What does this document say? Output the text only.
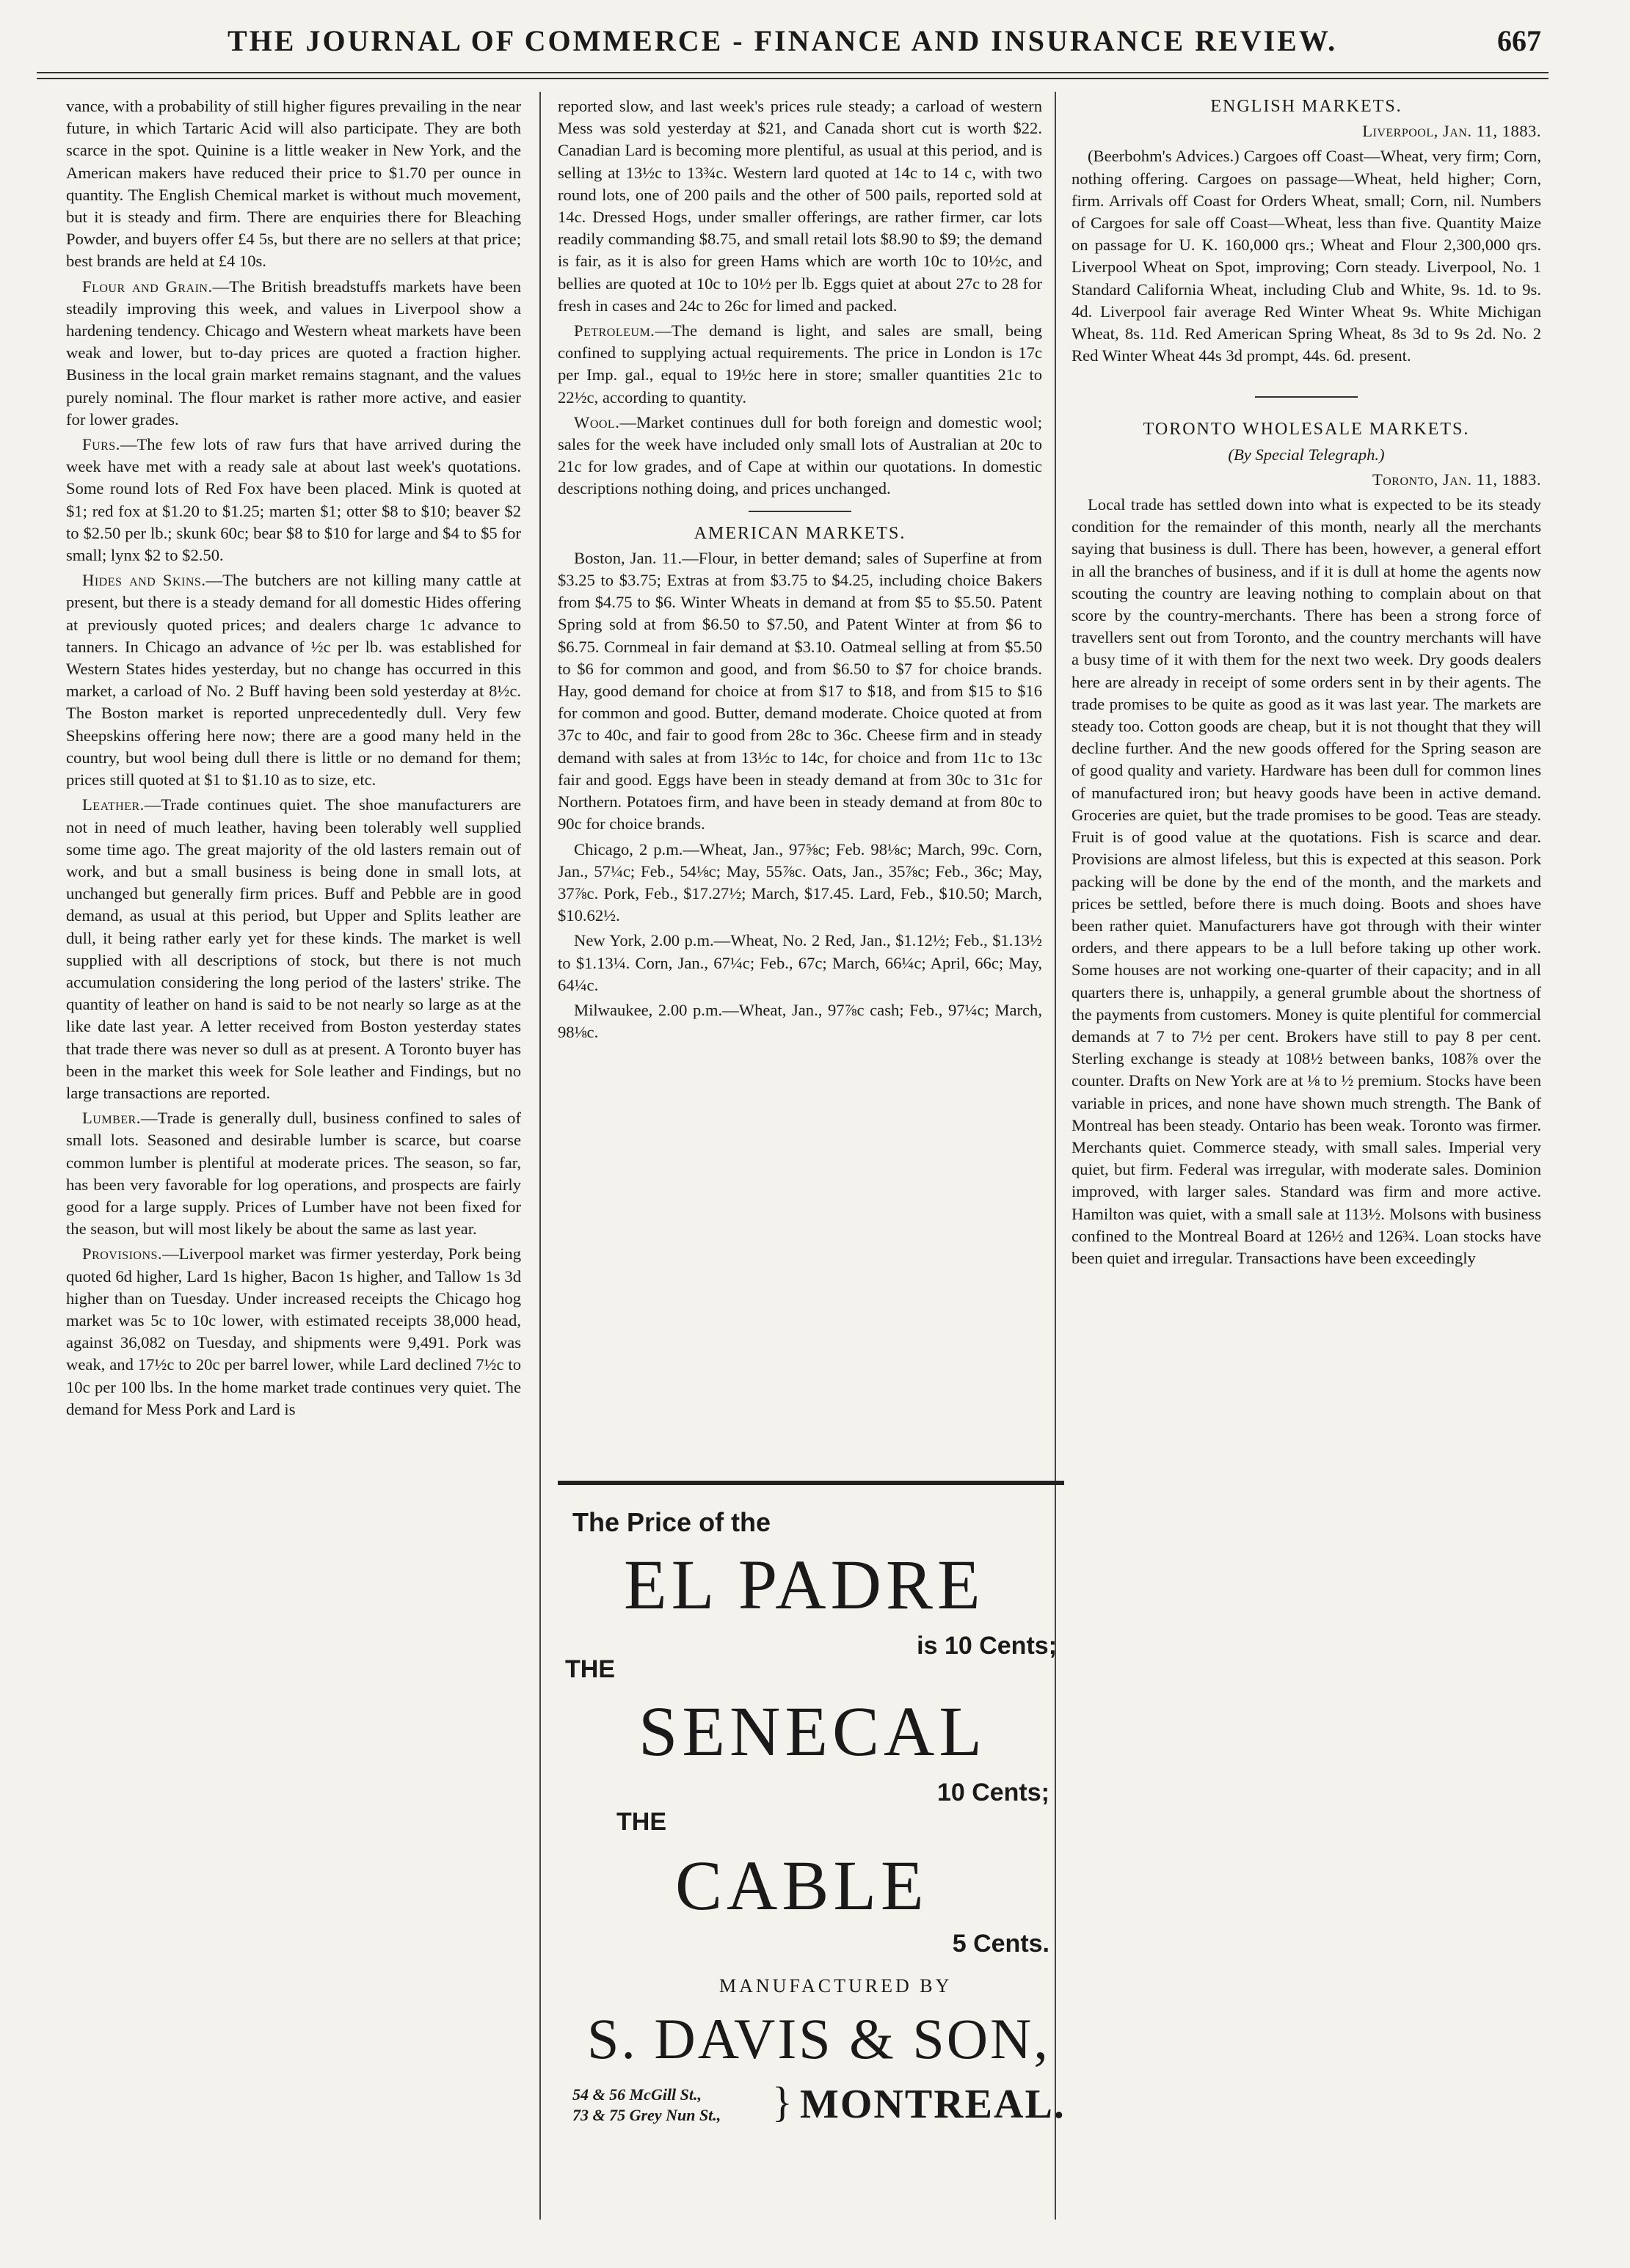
THE JOURNAL OF COMMERCE - FINANCE AND INSURANCE REVIEW.	667

vance, with a probability of still higher figures prevailing in the near future, in which Tartaric Acid will also participate. They are both scarce in the spot. Quinine is a little weaker in New York, and the American makers have reduced their price to $1.70 per ounce in quantity. The English Chemical market is without much movement, but it is steady and firm. There are enquiries there for Bleaching Powder, and buyers offer £4 5s, but there are no sellers at that price; best brands are held at £4 10s.

Flour and Grain.—The British breadstuffs markets have been steadily improving this week, and values in Liverpool show a hardening tendency. Chicago and Western wheat markets have been weak and lower, but to-day prices are quoted a fraction higher. Business in the local grain market remains stagnant, and the values purely nominal. The flour market is rather more active, and easier for lower grades.

Furs.—The few lots of raw furs that have arrived during the week have met with a ready sale at about last week's quotations. Some round lots of Red Fox have been placed. Mink is quoted at $1; red fox at $1.20 to $1.25; marten $1; otter $8 to $10; beaver $2 to $2.50 per lb.; skunk 60c; bear $8 to $10 for large and $4 to $5 for small; lynx $2 to $2.50.

Hides and Skins.—The butchers are not killing many cattle at present, but there is a steady demand for all domestic Hides offering at previously quoted prices; and dealers charge 1c advance to tanners. In Chicago an advance of ½c per lb. was established for Western States hides yesterday, but no change has occurred in this market, a carload of No. 2 Buff having been sold yesterday at 8½c. The Boston market is reported unprecedentedly dull. Very few Sheepskins offering here now; there are a good many held in the country, but wool being dull there is little or no demand for them; prices still quoted at $1 to $1.10 as to size, etc.

Leather.—Trade continues quiet. The shoe manufacturers are not in need of much leather, having been tolerably well supplied some time ago. The great majority of the old lasters remain out of work, and but a small business is being done in small lots, at unchanged but generally firm prices. Buff and Pebble are in good demand, as usual at this period, but Upper and Splits leather are dull, it being rather early yet for these kinds. The market is well supplied with all descriptions of stock, but there is not much accumulation considering the long period of the lasters' strike. The quantity of leather on hand is said to be not nearly so large as at the like date last year. A letter received from Boston yesterday states that trade there was never so dull as at present. A Toronto buyer has been in the market this week for Sole leather and Findings, but no large transactions are reported.

Lumber.—Trade is generally dull, business confined to sales of small lots. Seasoned and desirable lumber is scarce, but coarse common lumber is plentiful at moderate prices. The season, so far, has been very favorable for log operations, and prospects are fairly good for a large supply. Prices of Lumber have not been fixed for the season, but will most likely be about the same as last year.

Provisions.—Liverpool market was firmer yesterday, Pork being quoted 6d higher, Lard 1s higher, Bacon 1s higher, and Tallow 1s 3d higher than on Tuesday. Under increased receipts the Chicago hog market was 5c to 10c lower, with estimated receipts 38,000 head, against 36,082 on Tuesday, and shipments were 9,491. Pork was weak, and 17½c to 20c per barrel lower, while Lard declined 7½c to 10c per 100 lbs. In the home market trade continues very quiet. The demand for Mess Pork and Lard is

reported slow, and last week's prices rule steady; a carload of western Mess was sold yesterday at $21, and Canada short cut is worth $22. Canadian Lard is becoming more plentiful, as usual at this period, and is selling at 13½c to 13¾c. Western lard quoted at 14c to 14 c, with two round lots, one of 200 pails and the other of 500 pails, reported sold at 14c. Dressed Hogs, under smaller offerings, are rather firmer, car lots readily commanding $8.75, and small retail lots $8.90 to $9; the demand is fair, as it is also for green Hams which are worth 10c to 10½c, and bellies are quoted at 10c to 10½ per lb. Eggs quiet at about 27c to 28 for fresh in cases and 24c to 26c for limed and packed.

Petroleum.—The demand is light, and sales are small, being confined to supplying actual requirements. The price in London is 17c per Imp. gal., equal to 19½c here in store; smaller quantities 21c to 22½c, according to quantity.

Wool.—Market continues dull for both foreign and domestic wool; sales for the week have included only small lots of Australian at 20c to 21c for low grades, and of Cape at within our quotations. In domestic descriptions nothing doing, and prices unchanged.

AMERICAN MARKETS.

Boston, Jan. 11.—Flour, in better demand; sales of Superfine at from $3.25 to $3.75; Extras at from $3.75 to $4.25, including choice Bakers from $4.75 to $6. Winter Wheats in demand at from $5 to $5.50. Patent Spring sold at from $6.50 to $7.50, and Patent Winter at from $6 to $6.75. Cornmeal in fair demand at $3.10. Oatmeal selling at from $5.50 to $6 for common and good, and from $6.50 to $7 for choice brands. Hay, good demand for choice at from $17 to $18, and from $15 to $16 for common and good. Butter, demand moderate. Choice quoted at from 37c to 40c, and fair to good from 28c to 36c. Cheese firm and in steady demand with sales at from 13½c to 14c, for choice and from 11c to 13c fair and good. Eggs have been in steady demand at from 30c to 31c for Northern. Potatoes firm, and have been in steady demand at from 80c to 90c for choice brands.

Chicago, 2 p.m.—Wheat, Jan., 97⅝c; Feb. 98⅛c; March, 99c. Corn, Jan., 57¼c; Feb., 54⅛c; May, 55⅞c. Oats, Jan., 35⅞c; Feb., 36c; May, 37⅞c. Pork, Feb., $17.27½; March, $17.45. Lard, Feb., $10.50; March, $10.62½.

New York, 2.00 p.m.—Wheat, No. 2 Red, Jan., $1.12½; Feb., $1.13½ to $1.13¼. Corn, Jan., 67¼c; Feb., 67c; March, 66¼c; April, 66c; May, 64¼c.

Milwaukee, 2.00 p.m.—Wheat, Jan., 97⅞c cash; Feb., 97¼c; March, 98⅛c.

The Price of the
EL PADRE
is 10 Cents;
THE
SENECAL
10 Cents;
THE
CABLE
5 Cents.
MANUFACTURED BY
S. DAVIS & SON,
54 & 56 McGill St.,
73 & 75 Grey Nun St., } MONTREAL.

ENGLISH MARKETS.

Liverpool, Jan. 11, 1883.

(Beerbohm's Advices.) Cargoes off Coast—Wheat, very firm; Corn, nothing offering. Cargoes on passage—Wheat, held higher; Corn, firm. Arrivals off Coast for Orders Wheat, small; Corn, nil. Numbers of Cargoes for sale off Coast—Wheat, less than five. Quantity Maize on passage for U. K. 160,000 qrs.; Wheat and Flour 2,300,000 qrs. Liverpool Wheat on Spot, improving; Corn steady. Liverpool, No. 1 Standard California Wheat, including Club and White, 9s. 1d. to 9s. 4d. Liverpool fair average Red Winter Wheat 9s. White Michigan Wheat, 8s. 11d. Red American Spring Wheat, 8s 3d to 9s 2d. No. 2 Red Winter Wheat 44s 3d prompt, 44s. 6d. present.

TORONTO WHOLESALE MARKETS.

(By Special Telegraph.)

Toronto, Jan. 11, 1883.

Local trade has settled down into what is expected to be its steady condition for the remainder of this month, nearly all the merchants saying that business is dull. There has been, however, a general effort in all the branches of business, and if it is dull at home the agents now scouting the country are leaving nothing to complain about on that score by the country-merchants. There has been a strong force of travellers sent out from Toronto, and the country merchants will have a busy time of it with them for the next two week. Dry goods dealers here are already in receipt of some orders sent in by their agents. The trade promises to be quite as good as it was last year. The markets are steady too. Cotton goods are cheap, but it is not thought that they will decline further. And the new goods offered for the Spring season are of good quality and variety. Hardware has been dull for common lines of manufactured iron; but heavy goods have been in active demand. Groceries are quiet, but the trade promises to be good. Teas are steady. Fruit is of good value at the quotations. Fish is scarce and dear. Provisions are almost lifeless, but this is expected at this season. Pork packing will be done by the end of the month, and the markets and prices be settled, before there is much doing. Boots and shoes have been rather quiet. Manufacturers have got through with their winter orders, and there appears to be a lull before taking up other work. Some houses are not working one-quarter of their capacity; and in all quarters there is, unhappily, a general grumble about the shortness of the payments from customers. Money is quite plentiful for commercial demands at 7 to 7½ per cent. Brokers have still to pay 8 per cent. Sterling exchange is steady at 108½ between banks, 108⅞ over the counter. Drafts on New York are at ⅛ to ½ premium. Stocks have been variable in prices, and none have shown much strength. The Bank of Montreal has been steady. Ontario has been weak. Toronto was firmer. Merchants quiet. Commerce steady, with small sales. Imperial very quiet, but firm. Federal was irregular, with moderate sales. Dominion improved, with larger sales. Standard was firm and more active. Hamilton was quiet, with a small sale at 113½. Molsons with business confined to the Montreal Board at 126½ and 126¾. Loan stocks have been quiet and irregular. Transactions have been exceedingly
